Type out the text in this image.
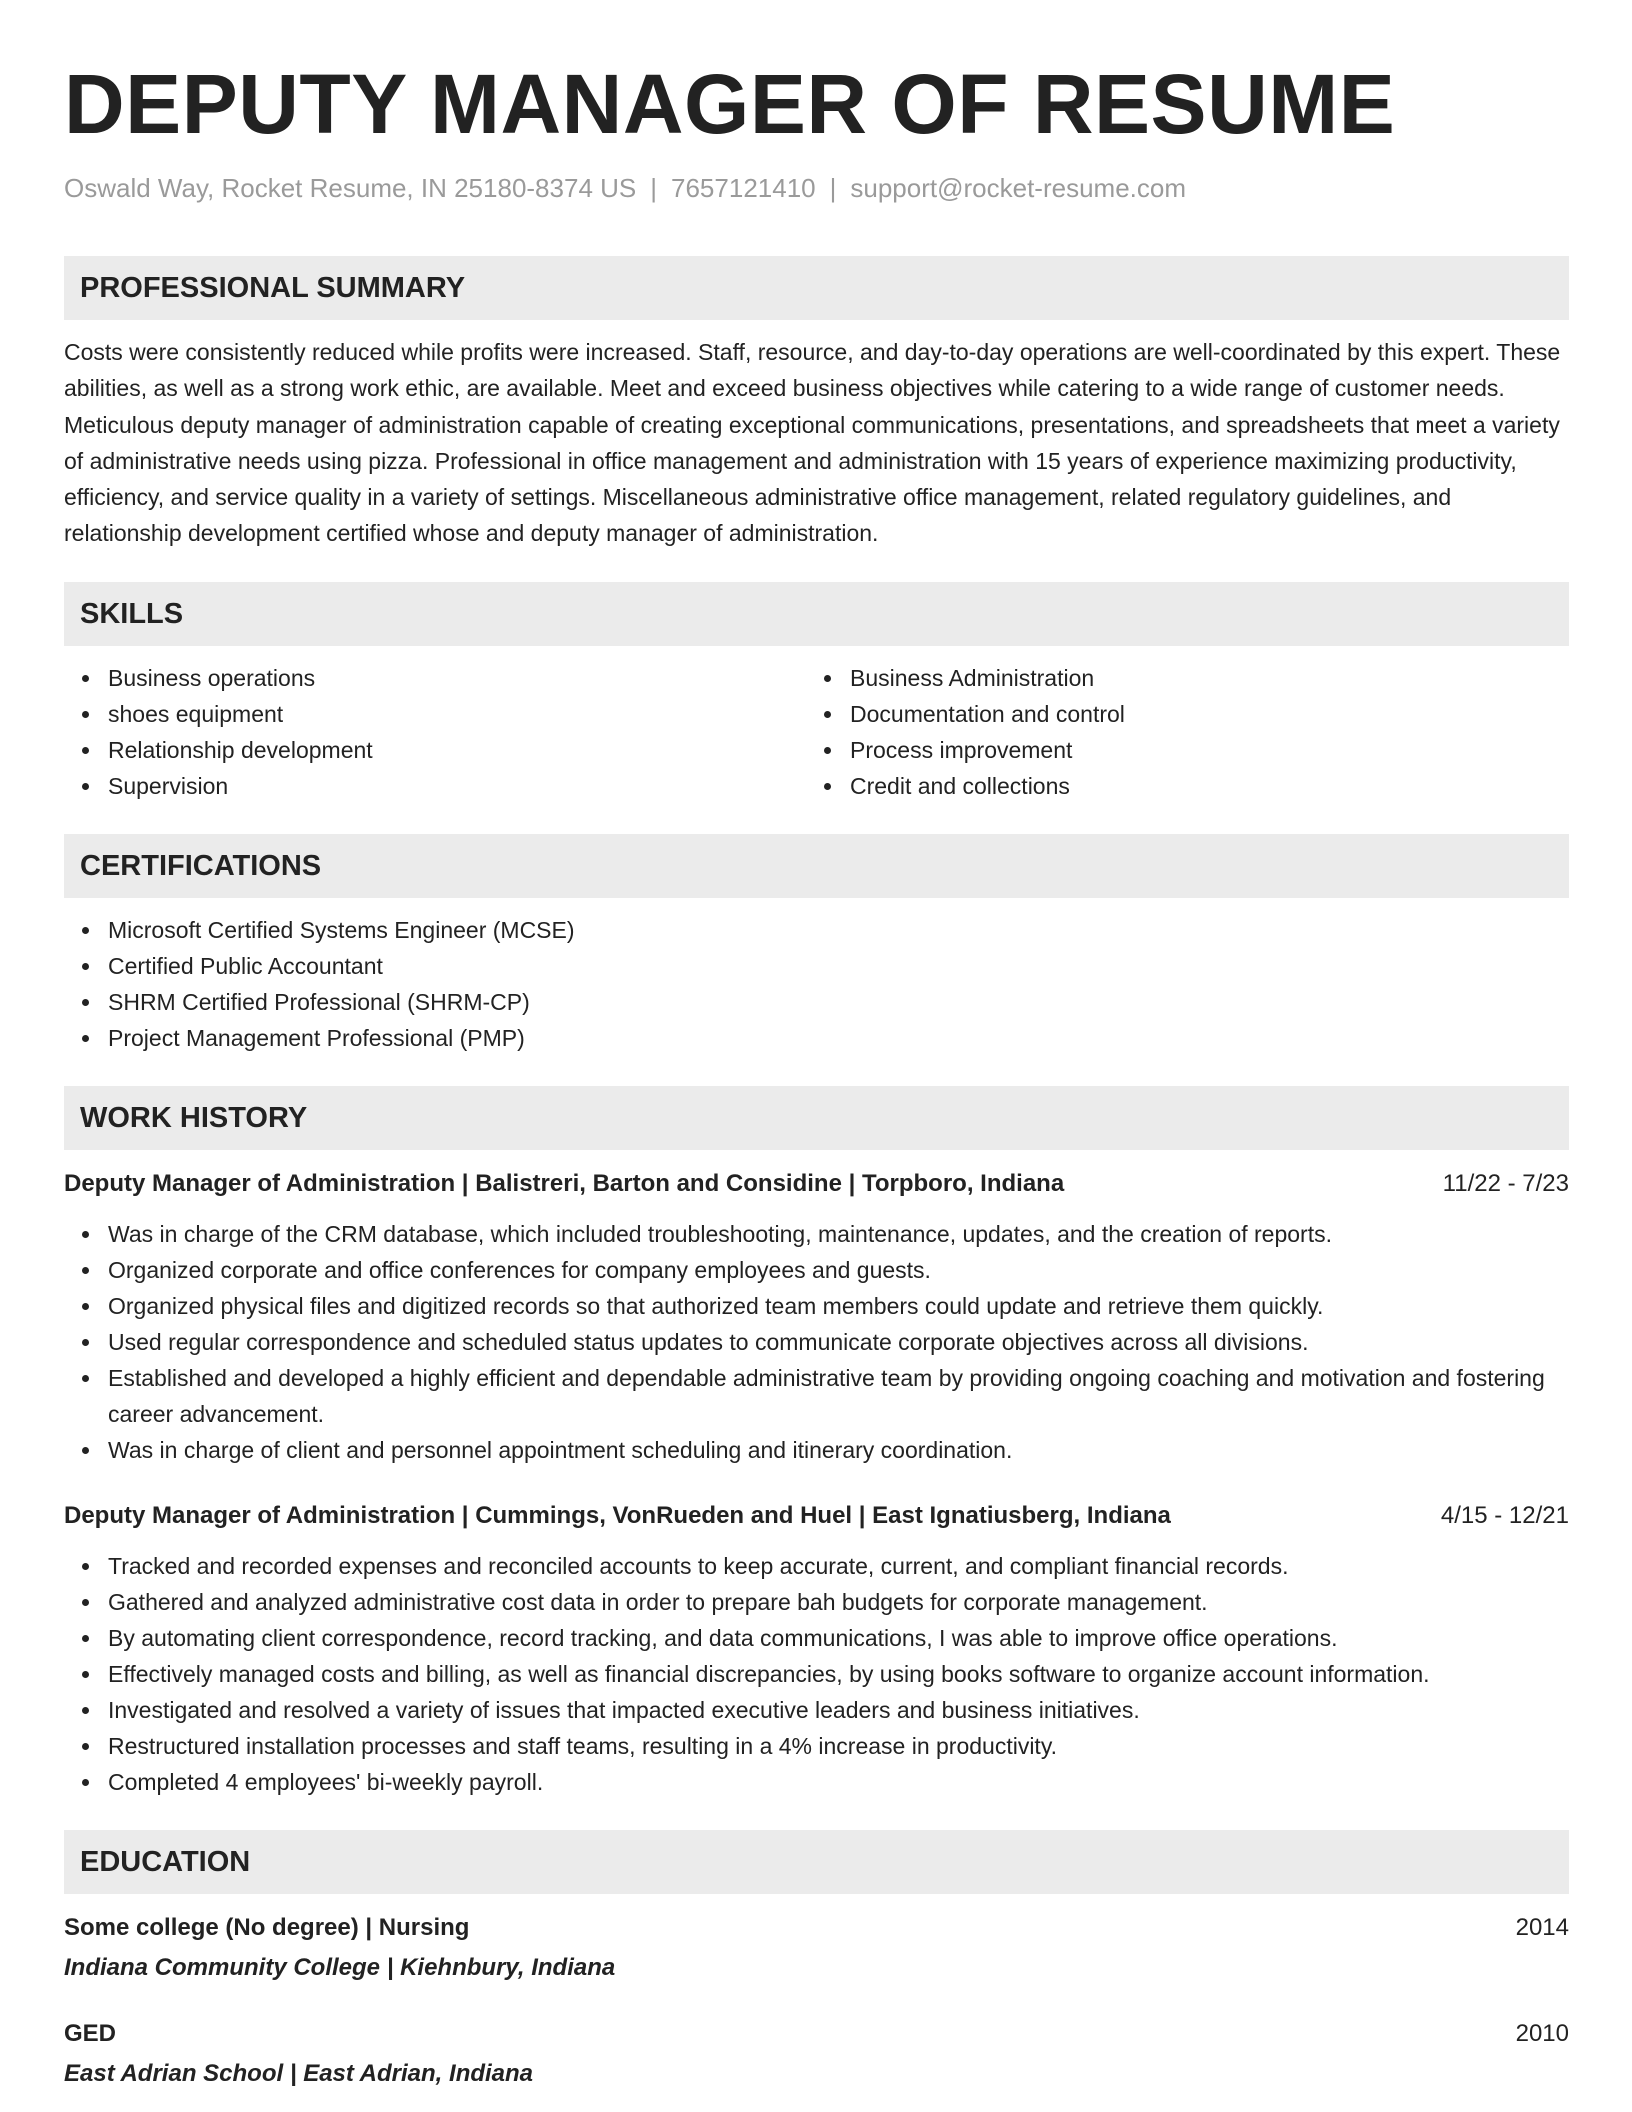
DEPUTY MANAGER OF RESUME
Oswald Way, Rocket Resume, IN 25180-8374 US | 7657121410 | support@rocket-resume.com
PROFESSIONAL SUMMARY

Costs were consistently reduced while profits were increased. Staff, resource, and day-to-day operations are well-coordinated by this expert. These abilities, as well as a strong work ethic, are available. Meet and exceed business objectives while catering to a wide range of customer needs. Meticulous deputy manager of administration capable of creating exceptional communications, presentations, and spreadsheets that meet a variety of administrative needs using pizza. Professional in office management and administration with 15 years of experience maximizing productivity, efficiency, and service quality in a variety of settings. Miscellaneous administrative office management, related regulatory guidelines, and relationship development certified whose and deputy manager of administration.

SKILLS
Business operations
shoes equipment
Relationship development
Supervision
Business Administration
Documentation and control
Process improvement
Credit and collections
CERTIFICATIONS
Microsoft Certified Systems Engineer (MCSE)
Certified Public Accountant
SHRM Certified Professional (SHRM-CP)
Project Management Professional (PMP)
WORK HISTORY
Deputy Manager of Administration | Balistreri, Barton and Considine | Torpboro, Indiana	11/22 - 7/23
Was in charge of the CRM database, which included troubleshooting, maintenance, updates, and the creation of reports.
Organized corporate and office conferences for company employees and guests.
Organized physical files and digitized records so that authorized team members could update and retrieve them quickly.
Used regular correspondence and scheduled status updates to communicate corporate objectives across all divisions.
Established and developed a highly efficient and dependable administrative team by providing ongoing coaching and motivation and fostering career advancement.
Was in charge of client and personnel appointment scheduling and itinerary coordination.
Deputy Manager of Administration | Cummings, VonRueden and Huel | East Ignatiusberg, Indiana	4/15 - 12/21
Tracked and recorded expenses and reconciled accounts to keep accurate, current, and compliant financial records.
Gathered and analyzed administrative cost data in order to prepare bah budgets for corporate management.
By automating client correspondence, record tracking, and data communications, I was able to improve office operations.
Effectively managed costs and billing, as well as financial discrepancies, by using books software to organize account information.
Investigated and resolved a variety of issues that impacted executive leaders and business initiatives.
Restructured installation processes and staff teams, resulting in a 4% increase in productivity.
Completed 4 employees' bi-weekly payroll.
EDUCATION
Some college (No degree) | Nursing	2014
Indiana Community College | Kiehnbury, Indiana
GED	2010
East Adrian School | East Adrian, Indiana
